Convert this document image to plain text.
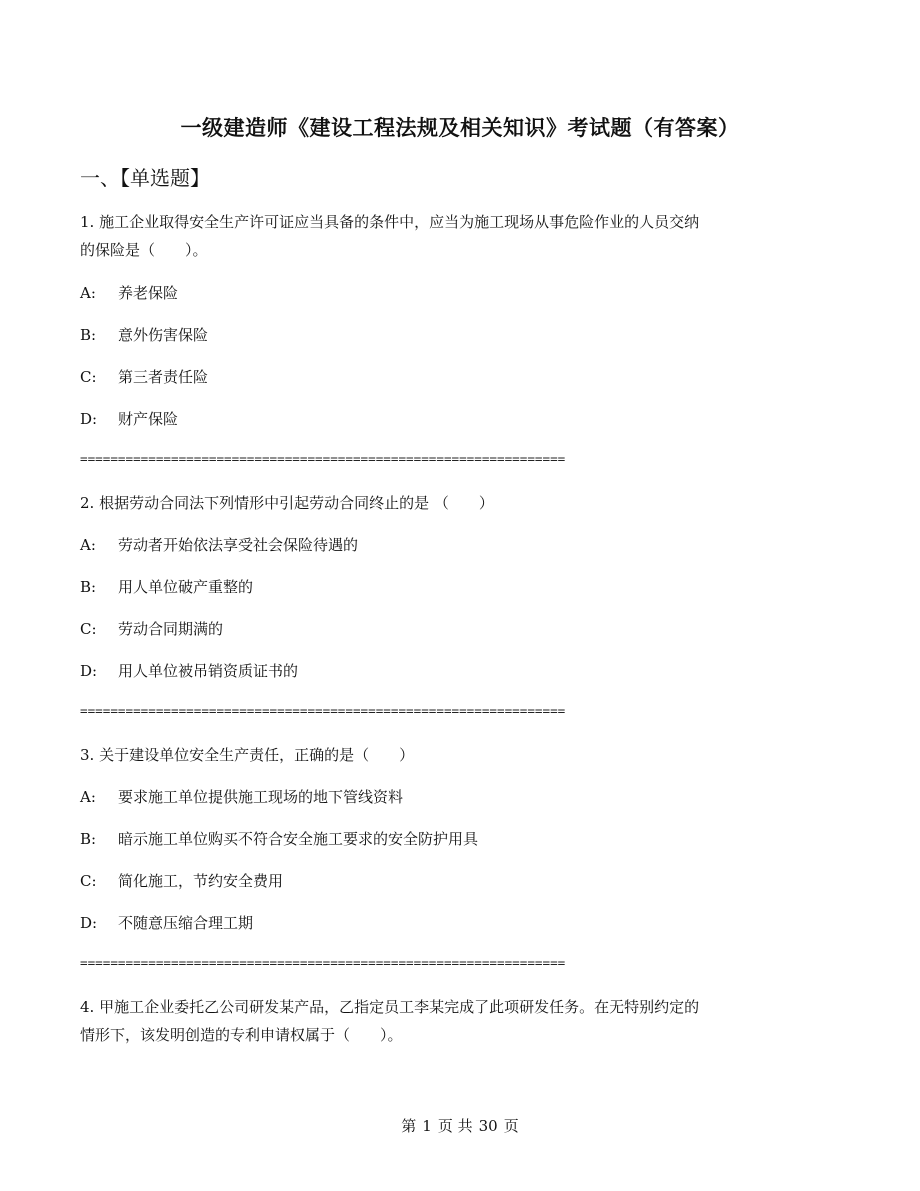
一级建造师《建设工程法规及相关知识》考试题（有答案）
一、【单选题】
1. 施工企业取得安全生产许可证应当具备的条件中，应当为施工现场从事危险作业的人员交纳
的保险是（　　）。
A: 养老保险
B: 意外伤害保险
C: 第三者责任险
D: 财产保险
================================================================
2. 根据劳动合同法下列情形中引起劳动合同终止的是 （　　）
A: 劳动者开始依法享受社会保险待遇的
B: 用人单位破产重整的
C: 劳动合同期满的
D: 用人单位被吊销资质证书的
================================================================
3. 关于建设单位安全生产责任，正确的是（　　）
A: 要求施工单位提供施工现场的地下管线资料
B: 暗示施工单位购买不符合安全施工要求的安全防护用具
C: 简化施工，节约安全费用
D: 不随意压缩合理工期
================================================================
4. 甲施工企业委托乙公司研发某产品，乙指定员工李某完成了此项研发任务。在无特别约定的
情形下，该发明创造的专利申请权属于（　　）。
第 1 页 共 30 页
